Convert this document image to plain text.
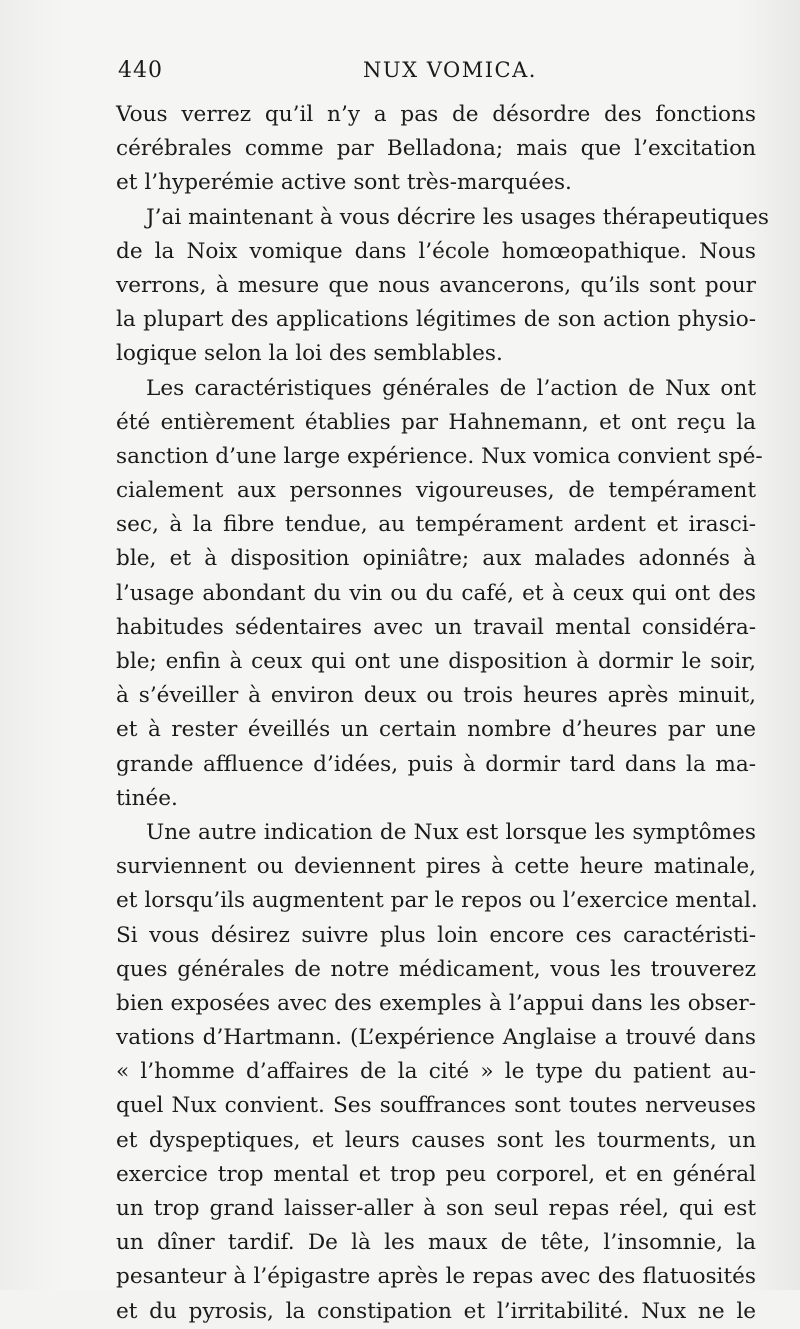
440	NUX VOMICA.
Vous verrez qu’il n’y a pas de désordre des fonctions
cérébrales comme par Belladona; mais que l’excitation
et l’hyperémie active sont très-marquées.
J’ai maintenant à vous décrire les usages thérapeutiques
de la Noix vomique dans l’école homœopathique. Nous
verrons, à mesure que nous avancerons, qu’ils sont pour
la plupart des applications légitimes de son action physio-
logique selon la loi des semblables.
Les caractéristiques générales de l’action de Nux ont
été entièrement établies par Hahnemann, et ont reçu la
sanction d’une large expérience. Nux vomica convient spé-
cialement aux personnes vigoureuses, de tempérament
sec, à la fibre tendue, au tempérament ardent et irasci-
ble, et à disposition opiniâtre; aux malades adonnés à
l’usage abondant du vin ou du café, et à ceux qui ont des
habitudes sédentaires avec un travail mental considéra-
ble; enfin à ceux qui ont une disposition à dormir le soir,
à s’éveiller à environ deux ou trois heures après minuit,
et à rester éveillés un certain nombre d’heures par une
grande affluence d’idées, puis à dormir tard dans la ma-
tinée.
Une autre indication de Nux est lorsque les symptômes
surviennent ou deviennent pires à cette heure matinale,
et lorsqu’ils augmentent par le repos ou l’exercice mental.
Si vous désirez suivre plus loin encore ces caractéristi-
ques générales de notre médicament, vous les trouverez
bien exposées avec des exemples à l’appui dans les obser-
vations d’Hartmann. (L’expérience Anglaise a trouvé dans
« l’homme d’affaires de la cité » le type du patient au-
quel Nux convient. Ses souffrances sont toutes nerveuses
et dyspeptiques, et leurs causes sont les tourments, un
exercice trop mental et trop peu corporel, et en général
un trop grand laisser-aller à son seul repas réel, qui est
un dîner tardif. De là les maux de tête, l’insomnie, la
pesanteur à l’épigastre après le repas avec des flatuosités
et du pyrosis, la constipation et l’irritabilité. Nux ne le
